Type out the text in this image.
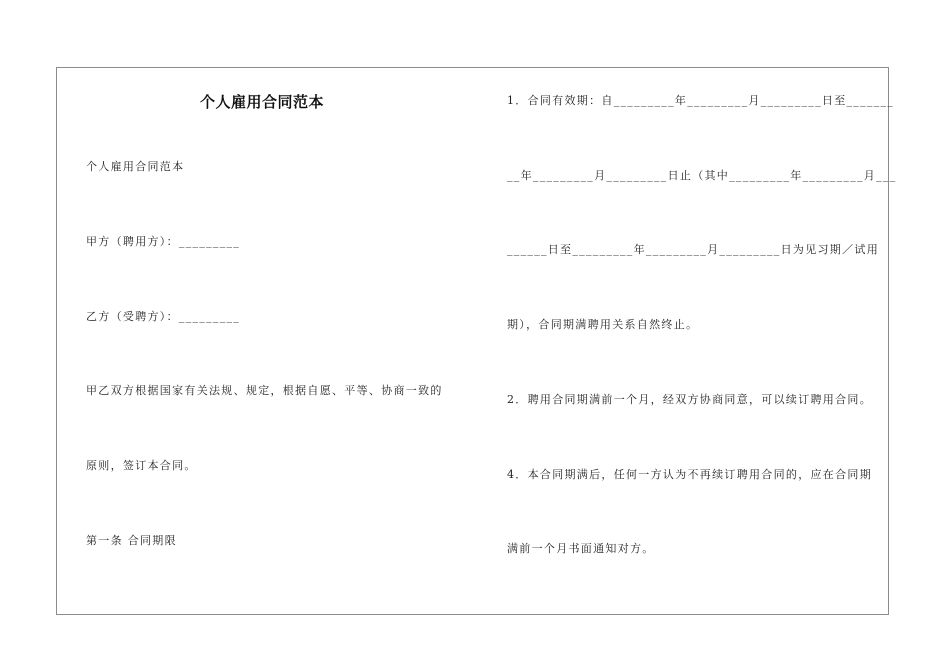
个人雇用合同范本
个人雇用合同范本
甲方（聘用方）：_________
乙方（受聘方）：_________
甲乙双方根据国家有关法规、规定，根据自愿、平等、协商一致的
原则，签订本合同。
第一条 合同期限
1．合同有效期：自_________年_________月_________日至_______
__年_________月_________日止（其中_________年_________月___
______日至_________年_________月_________日为见习期／试用
期），合同期满聘用关系自然终止。
2．聘用合同期满前一个月，经双方协商同意，可以续订聘用合同。
4．本合同期满后，任何一方认为不再续订聘用合同的，应在合同期
满前一个月书面通知对方。
